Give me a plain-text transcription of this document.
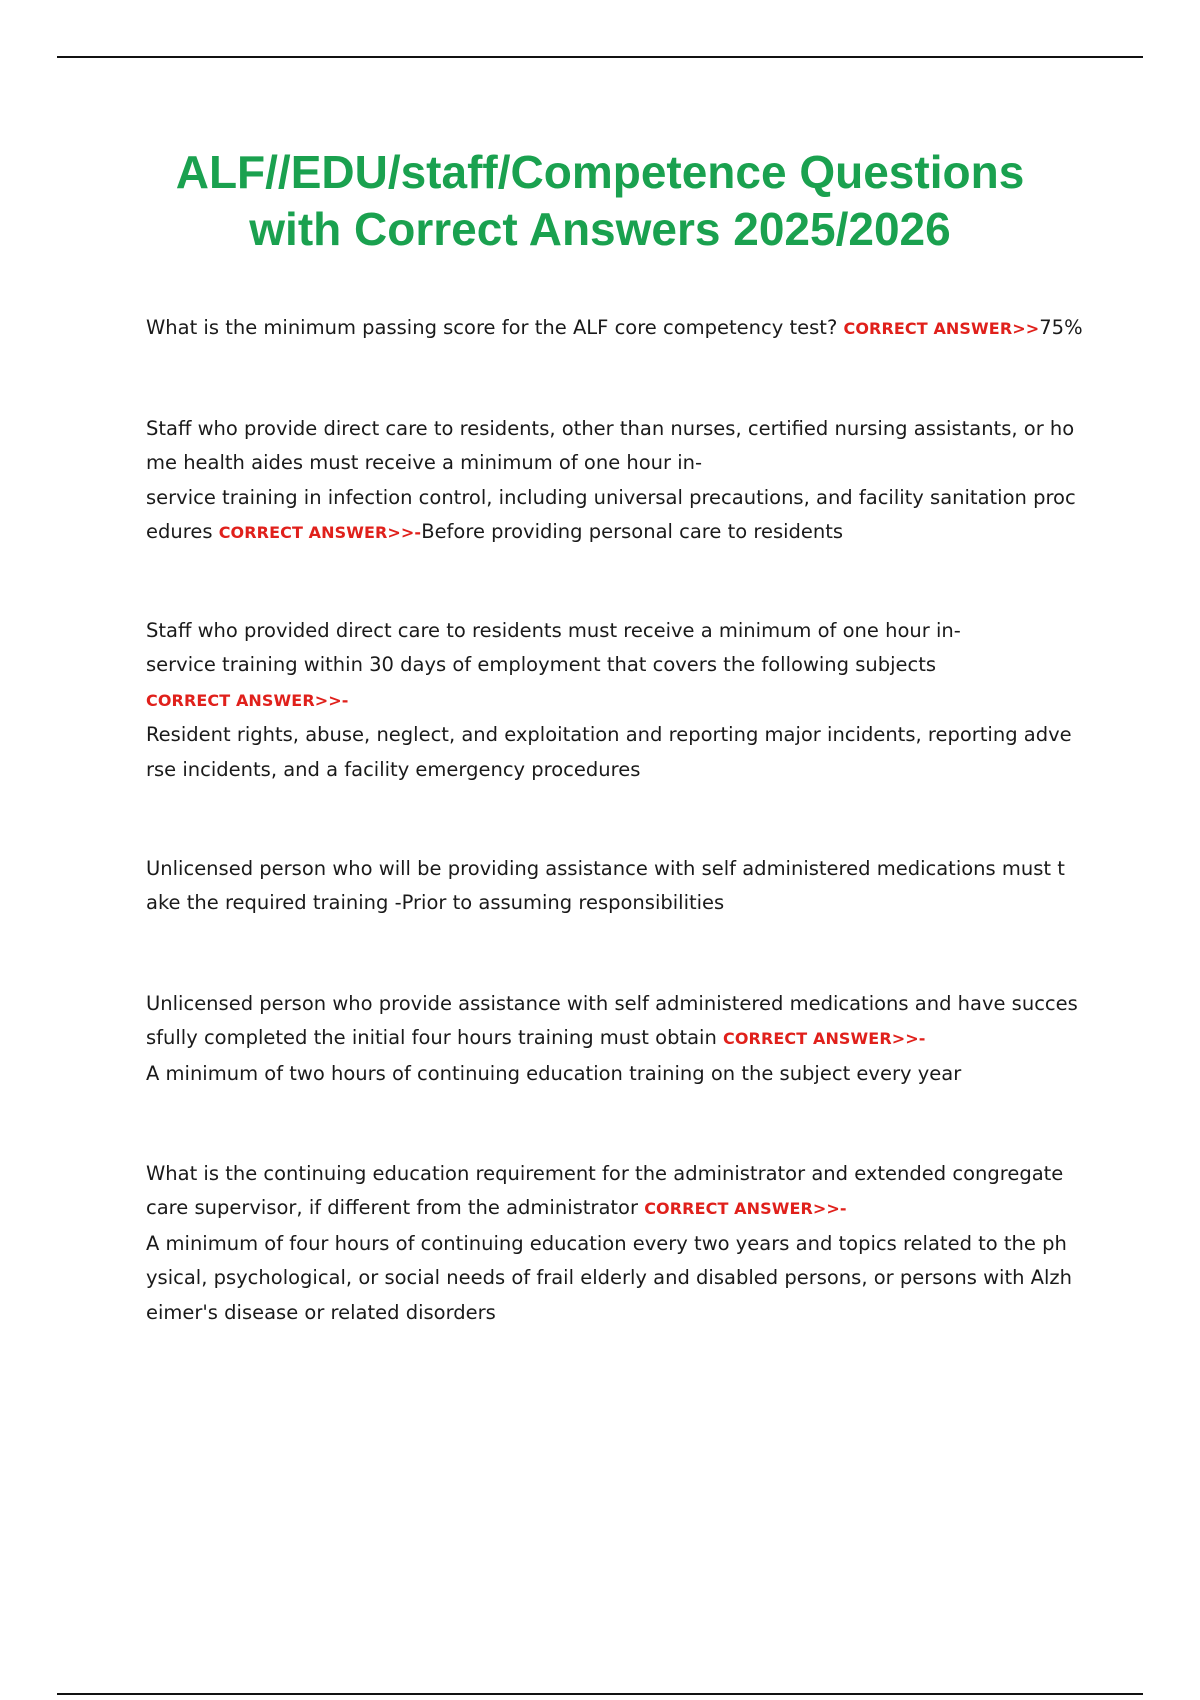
ALF//EDU/staff/Competence Questions
with Correct Answers 2025/2026

What is the minimum passing score for the ALF core competency test? CORRECT ANSWER>>75%

Staff who provide direct care to residents, other than nurses, certified nursing assistants, or ho
me health aides must receive a minimum of one hour in-
service training in infection control, including universal precautions, and facility sanitation proc
edures CORRECT ANSWER>>-Before providing personal care to residents

Staff who provided direct care to residents must receive a minimum of one hour in-
service training within 30 days of employment that covers the following subjects
CORRECT ANSWER>>-
Resident rights, abuse, neglect, and exploitation and reporting major incidents, reporting adve
rse incidents, and a facility emergency procedures

Unlicensed person who will be providing assistance with self administered medications must t
ake the required training -Prior to assuming responsibilities

Unlicensed person who provide assistance with self administered medications and have succes
sfully completed the initial four hours training must obtain CORRECT ANSWER>>-
A minimum of two hours of continuing education training on the subject every year

What is the continuing education requirement for the administrator and extended congregate
care supervisor, if different from the administrator CORRECT ANSWER>>-
A minimum of four hours of continuing education every two years and topics related to the ph
ysical, psychological, or social needs of frail elderly and disabled persons, or persons with Alzh
eimer's disease or related disorders
